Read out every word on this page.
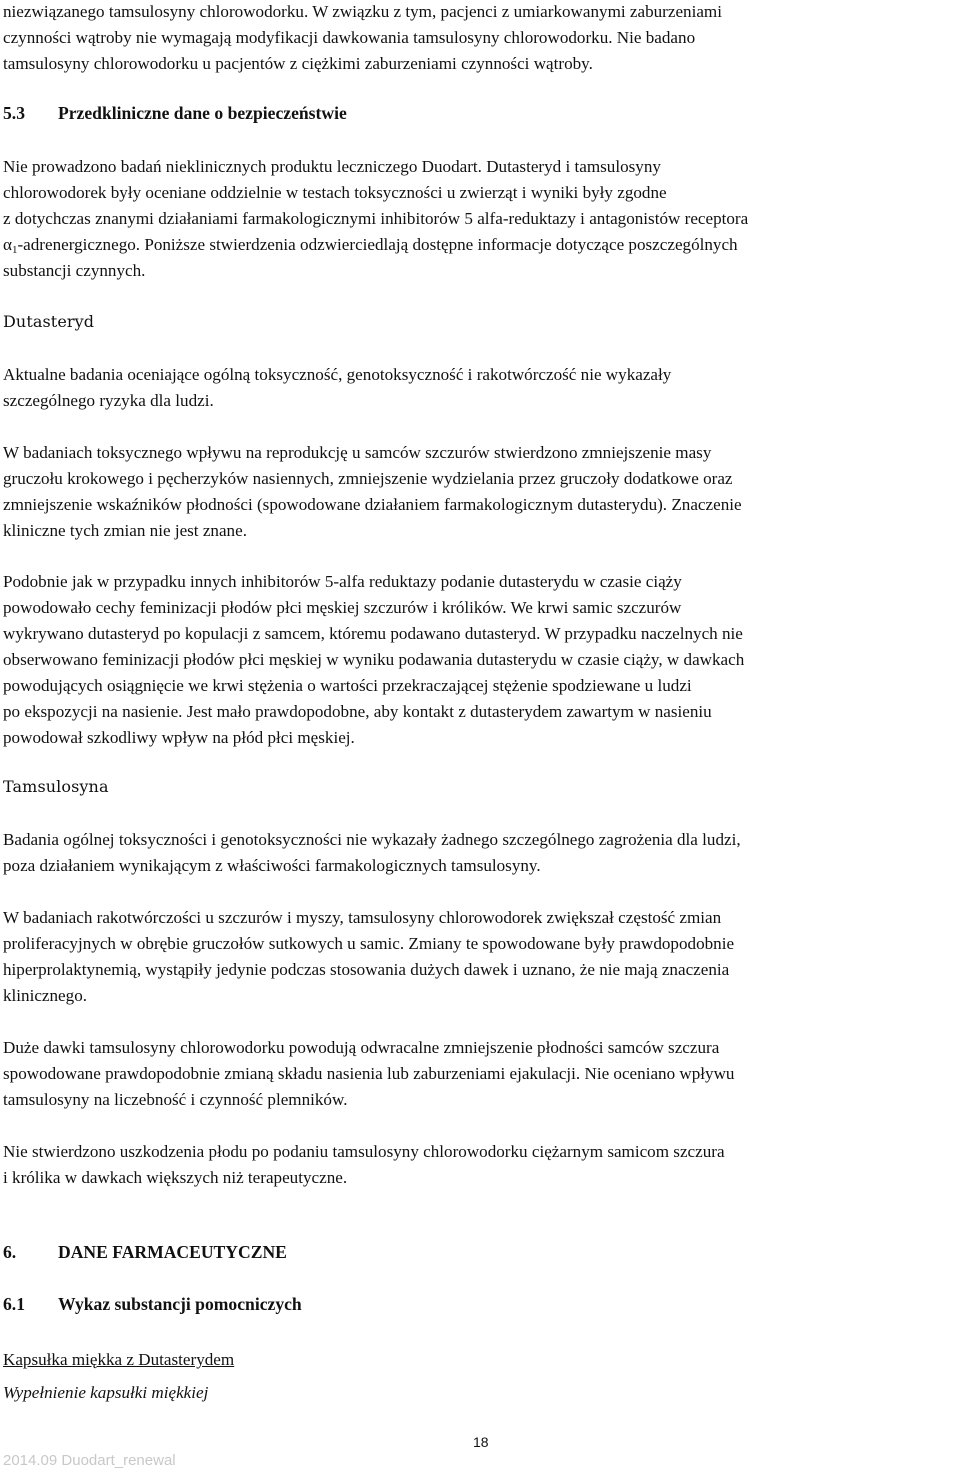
niezwiązanego tamsulosyny chlorowodorku. W związku z tym, pacjenci z umiarkowanymi zaburzeniami
czynności wątroby nie wymagają modyfikacji dawkowania tamsulosyny chlorowodorku. Nie badano
tamsulosyny chlorowodorku u pacjentów z ciężkimi zaburzeniami czynności wątroby.

5.3 Przedkliniczne dane o bezpieczeństwie

Nie prowadzono badań nieklinicznych produktu leczniczego Duodart. Dutasteryd i tamsulosyny
chlorowodorek były oceniane oddzielnie w testach toksyczności u zwierząt i wyniki były zgodne
z dotychczas znanymi działaniami farmakologicznymi inhibitorów 5 alfa-reduktazy i antagonistów receptora
$\alpha_1$-adrenergicznego. Poniższe stwierdzenia odzwierciedlają dostępne informacje dotyczące poszczególnych
substancji czynnych.

Dutasteryd

Aktualne badania oceniające ogólną toksyczność, genotoksyczność i rakotwórczość nie wykazały
szczególnego ryzyka dla ludzi.

W badaniach toksycznego wpływu na reprodukcję u samców szczurów stwierdzono zmniejszenie masy
gruczołu krokowego i pęcherzyków nasiennych, zmniejszenie wydzielania przez gruczoły dodatkowe oraz
zmniejszenie wskaźników płodności (spowodowane działaniem farmakologicznym dutasterydu). Znaczenie
kliniczne tych zmian nie jest znane.

Podobnie jak w przypadku innych inhibitorów 5-alfa reduktazy podanie dutasterydu w czasie ciąży
powodowało cechy feminizacji płodów płci męskiej szczurów i królików. We krwi samic szczurów
wykrywano dutasteryd po kopulacji z samcem, któremu podawano dutasteryd. W przypadku naczelnych nie
obserwowano feminizacji płodów płci męskiej w wyniku podawania dutasterydu w czasie ciąży, w dawkach
powodujących osiągnięcie we krwi stężenia o wartości przekraczającej stężenie spodziewane u ludzi
po ekspozycji na nasienie. Jest mało prawdopodobne, aby kontakt z dutasterydem zawartym w nasieniu
powodował szkodliwy wpływ na płód płci męskiej.

Tamsulosyna

Badania ogólnej toksyczności i genotoksyczności nie wykazały żadnego szczególnego zagrożenia dla ludzi,
poza działaniem wynikającym z właściwości farmakologicznych tamsulosyny.

W badaniach rakotwórczości u szczurów i myszy, tamsulosyny chlorowodorek zwiększał częstość zmian
proliferacyjnych w obrębie gruczołów sutkowych u samic. Zmiany te spowodowane były prawdopodobnie
hiperprolaktynemią, wystąpiły jedynie podczas stosowania dużych dawek i uznano, że nie mają znaczenia
klinicznego.

Duże dawki tamsulosyny chlorowodorku powodują odwracalne zmniejszenie płodności samców szczura
spowodowane prawdopodobnie zmianą składu nasienia lub zaburzeniami ejakulacji. Nie oceniano wpływu
tamsulosyny na liczebność i czynność plemników.

Nie stwierdzono uszkodzenia płodu po podaniu tamsulosyny chlorowodorku ciężarnym samicom szczura
i królika w dawkach większych niż terapeutyczne.

6. DANE FARMACEUTYCZNE
6.1 Wykaz substancji pomocniczych

Kapsułka miękka z Dutasterydem

Wypełnienie kapsułki miękkiej

18
2014.09 Duodart_renewal
